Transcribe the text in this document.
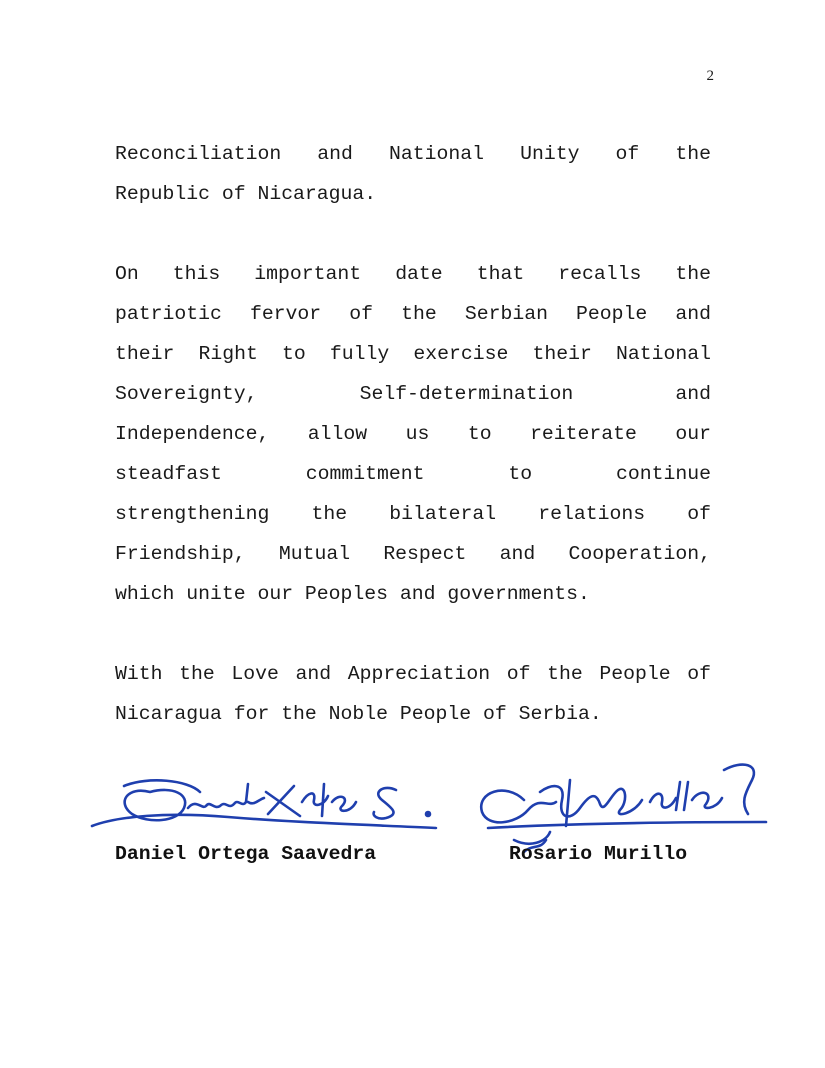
2
Reconciliation and National Unity of the
Republic of Nicaragua.
On this important date that recalls the
patriotic fervor of the Serbian People and
their Right to fully exercise their National
Sovereignty, Self-determination and
Independence, allow us to reiterate our
steadfast commitment to continue
strengthening the bilateral relations of
Friendship, Mutual Respect and Cooperation,
which unite our Peoples and governments.
With the Love and Appreciation of the People of
Nicaragua for the Noble People of Serbia.
Daniel Ortega Saavedra	Rosario Murillo
